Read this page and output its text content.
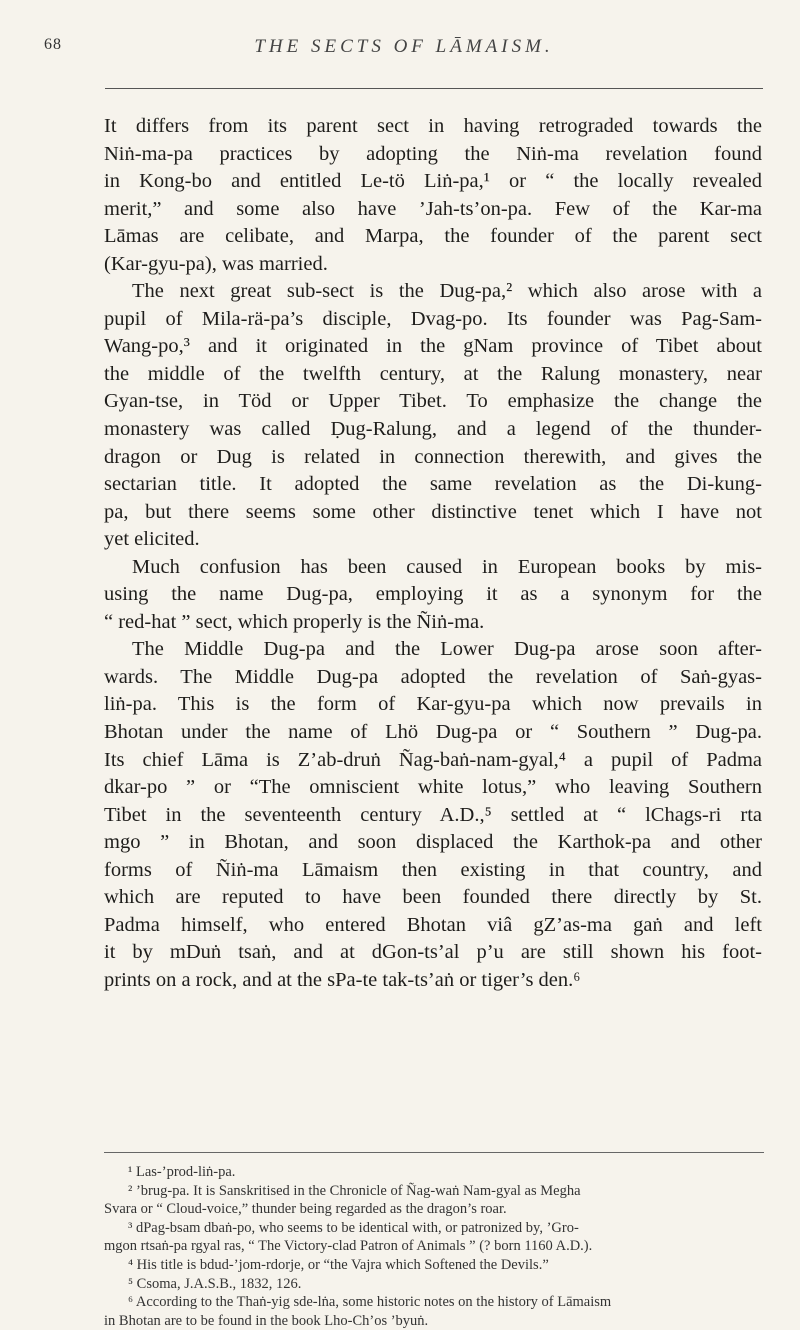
68	THE SECTS OF LĀMAISM.
It differs from its parent sect in having retrograded towards the
Niṅ-ma-pa practices by adopting the Niṅ-ma revelation found
in Kong-bo and entitled Le-tö Liṅ-pa,¹ or “ the locally revealed
merit,” and some also have ’Jah-ts’on-pa. Few of the Kar-ma
Lāmas are celibate, and Marpa, the founder of the parent sect
(Kar-gyu-pa), was married.
The next great sub-sect is the Dug-pa,² which also arose with a
pupil of Mila-rä-pa’s disciple, Dvag-po. Its founder was Pag-Sam-
Wang-po,³ and it originated in the gNam province of Tibet about
the middle of the twelfth century, at the Ralung monastery, near
Gyan-tse, in Töd or Upper Tibet. To emphasize the change the
monastery was called Ḍug-Ralung, and a legend of the thunder-
dragon or Dug is related in connection therewith, and gives the
sectarian title. It adopted the same revelation as the Di-kung-
pa, but there seems some other distinctive tenet which I have not
yet elicited.
Much confusion has been caused in European books by mis-
using the name Dug-pa, employing it as a synonym for the
“ red-hat ” sect, which properly is the Ñiṅ-ma.
The Middle Dug-pa and the Lower Dug-pa arose soon after-
wards. The Middle Dug-pa adopted the revelation of Saṅ-gyas-
liṅ-pa. This is the form of Kar-gyu-pa which now prevails in
Bhotan under the name of Lhö Dug-pa or “ Southern ” Dug-pa.
Its chief Lāma is Z’ab-druṅ Ñag-baṅ-nam-gyal,⁴ a pupil of Padma
dkar-po ” or “The omniscient white lotus,” who leaving Southern
Tibet in the seventeenth century A.D.,⁵ settled at “ lChags-ri rta
mgo ” in Bhotan, and soon displaced the Karthok-pa and other
forms of Ñiṅ-ma Lāmaism then existing in that country, and
which are reputed to have been founded there directly by St.
Padma himself, who entered Bhotan viâ gZ’as-ma gaṅ and left
it by mDuṅ tsaṅ, and at dGon-ts’al p’u are still shown his foot-
prints on a rock, and at the sPa-te tak-ts’aṅ or tiger’s den.⁶
¹ Las-’prod-liṅ-pa.
² ’brug-pa. It is Sanskritised in the Chronicle of Ñag-waṅ Nam-gyal as Megha
Svara or “ Cloud-voice,” thunder being regarded as the dragon’s roar.
³ dPag-bsam dbaṅ-po, who seems to be identical with, or patronized by, ’Gro-
mgon rtsaṅ-pa rgyal ras, “ The Victory-clad Patron of Animals ” (? born 1160 A.D.).
⁴ His title is bdud-’jom-rdorje, or “the Vajra which Softened the Devils.”
⁵ Csoma, J.A.S.B., 1832, 126.
⁶ According to the Thaṅ-yig sde-lṅa, some historic notes on the history of Lāmaism
in Bhotan are to be found in the book Lho-Ch’os ’byuṅ.
